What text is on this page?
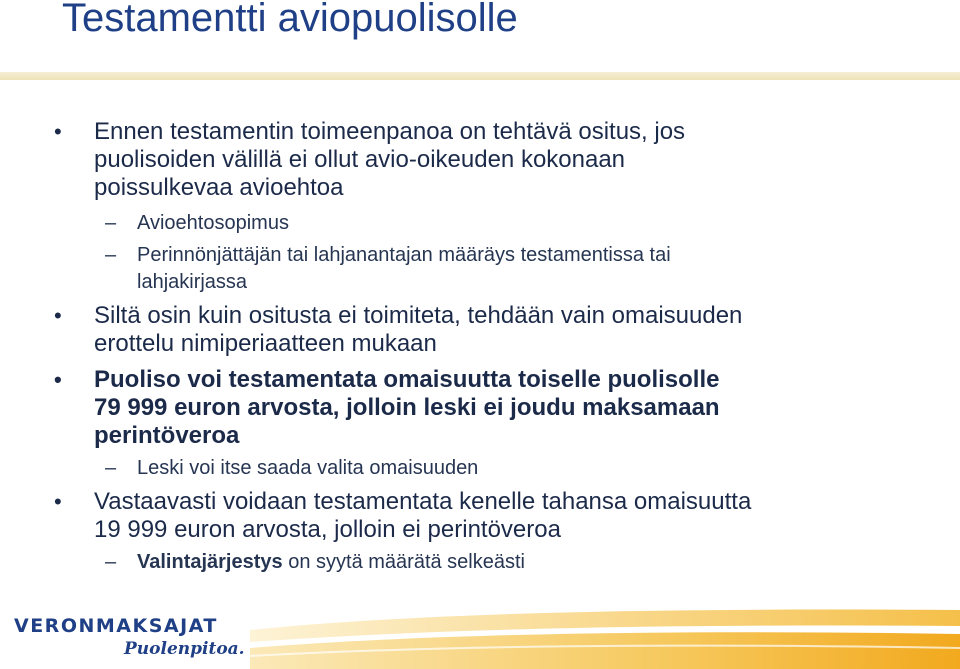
Testamentti aviopuolisolle
• Ennen testamentin toimeenpanoa on tehtävä ositus, jos
puolisoiden välillä ei ollut avio-oikeuden kokonaan
poissulkevaa avioehtoa
– Avioehtosopimus
– Perinnönjättäjän tai lahjanantajan määräys testamentissa tai
lahjakirjassa
• Siltä osin kuin ositusta ei toimiteta, tehdään vain omaisuuden
erottelu nimiperiaatteen mukaan
• Puoliso voi testamentata omaisuutta toiselle puolisolle
79 999 euron arvosta, jolloin leski ei joudu maksamaan
perintöveroa
– Leski voi itse saada valita omaisuuden
• Vastaavasti voidaan testamentata kenelle tahansa omaisuutta
19 999 euron arvosta, jolloin ei perintöveroa
– Valintajärjestys on syytä määrätä selkeästi
VERONMAKSAJAT
Puolenpitoa.
